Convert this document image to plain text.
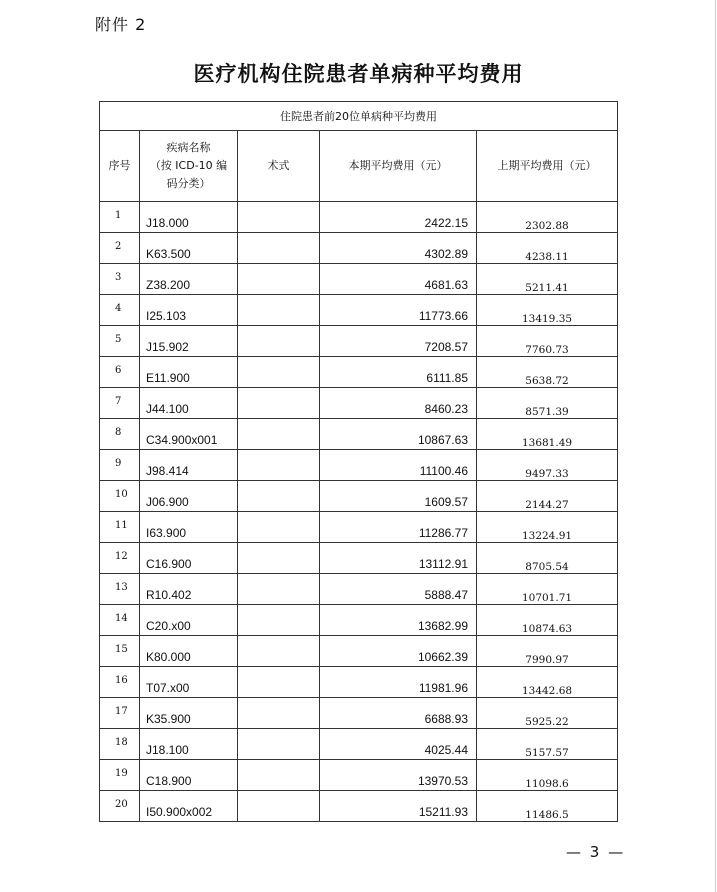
附件 2
医疗机构住院患者单病种平均费用
住院患者前20位单病种平均费用				
序号	疾病名称
（按 ICD-10 编
码分类）	术式	本期平均费用（元）	上期平均费用（元）
1	J18.000		2422.15	2302.88
2	K63.500		4302.89	4238.11
3	Z38.200		4681.63	5211.41
4	I25.103		11773.66	13419.35
5	J15.902		7208.57	7760.73
6	E11.900		6111.85	5638.72
7	J44.100		8460.23	8571.39
8	C34.900x001		10867.63	13681.49
9	J98.414		11100.46	9497.33
10	J06.900		1609.57	2144.27
11	I63.900		11286.77	13224.91
12	C16.900		13112.91	8705.54
13	R10.402		5888.47	10701.71
14	C20.x00		13682.99	10874.63
15	K80.000		10662.39	7990.97
16	T07.x00		11981.96	13442.68
17	K35.900		6688.93	5925.22
18	J18.100		4025.44	5157.57
19	C18.900		13970.53	11098.6
20	I50.900x002		15211.93	11486.5
— 3 —
